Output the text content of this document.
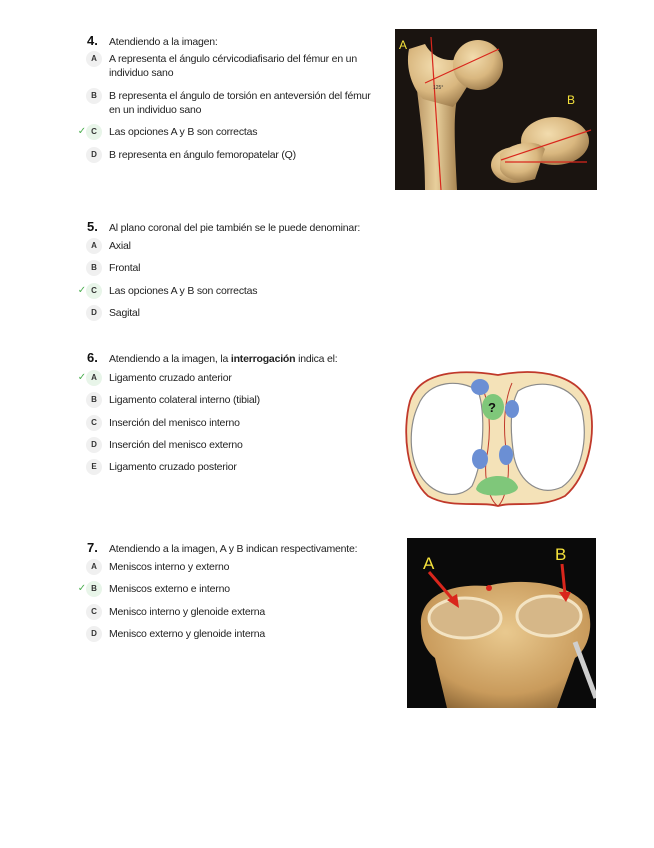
4.	Atendiendo a la imagen:
A	A representa el ángulo cérvicodiafisario del fémur en un individuo sano
B	B representa el ángulo de torsión en anteversión del fémur en un individuo sano
✓ C	Las opciones A y B son correctas
D	B representa en ángulo femoropatelar (Q)
125°
A
B
5.	Al plano coronal del pie también se le puede denominar:
A	Axial
B	Frontal
✓ C	Las opciones A y B son correctas
D	Sagital
6.	Atendiendo a la imagen, la interrogación indica el:
✓ A	Ligamento cruzado anterior
B	Ligamento colateral interno (tibial)
C	Inserción del menisco interno
D	Inserción del menisco externo
E	Ligamento cruzado posterior
?
7.	Atendiendo a la imagen, A y B indican respectivamente:
A	Meniscos interno y externo
✓ B	Meniscos externo e interno
C	Menisco interno y glenoide externa
D	Menisco externo y glenoide interna
A	B
